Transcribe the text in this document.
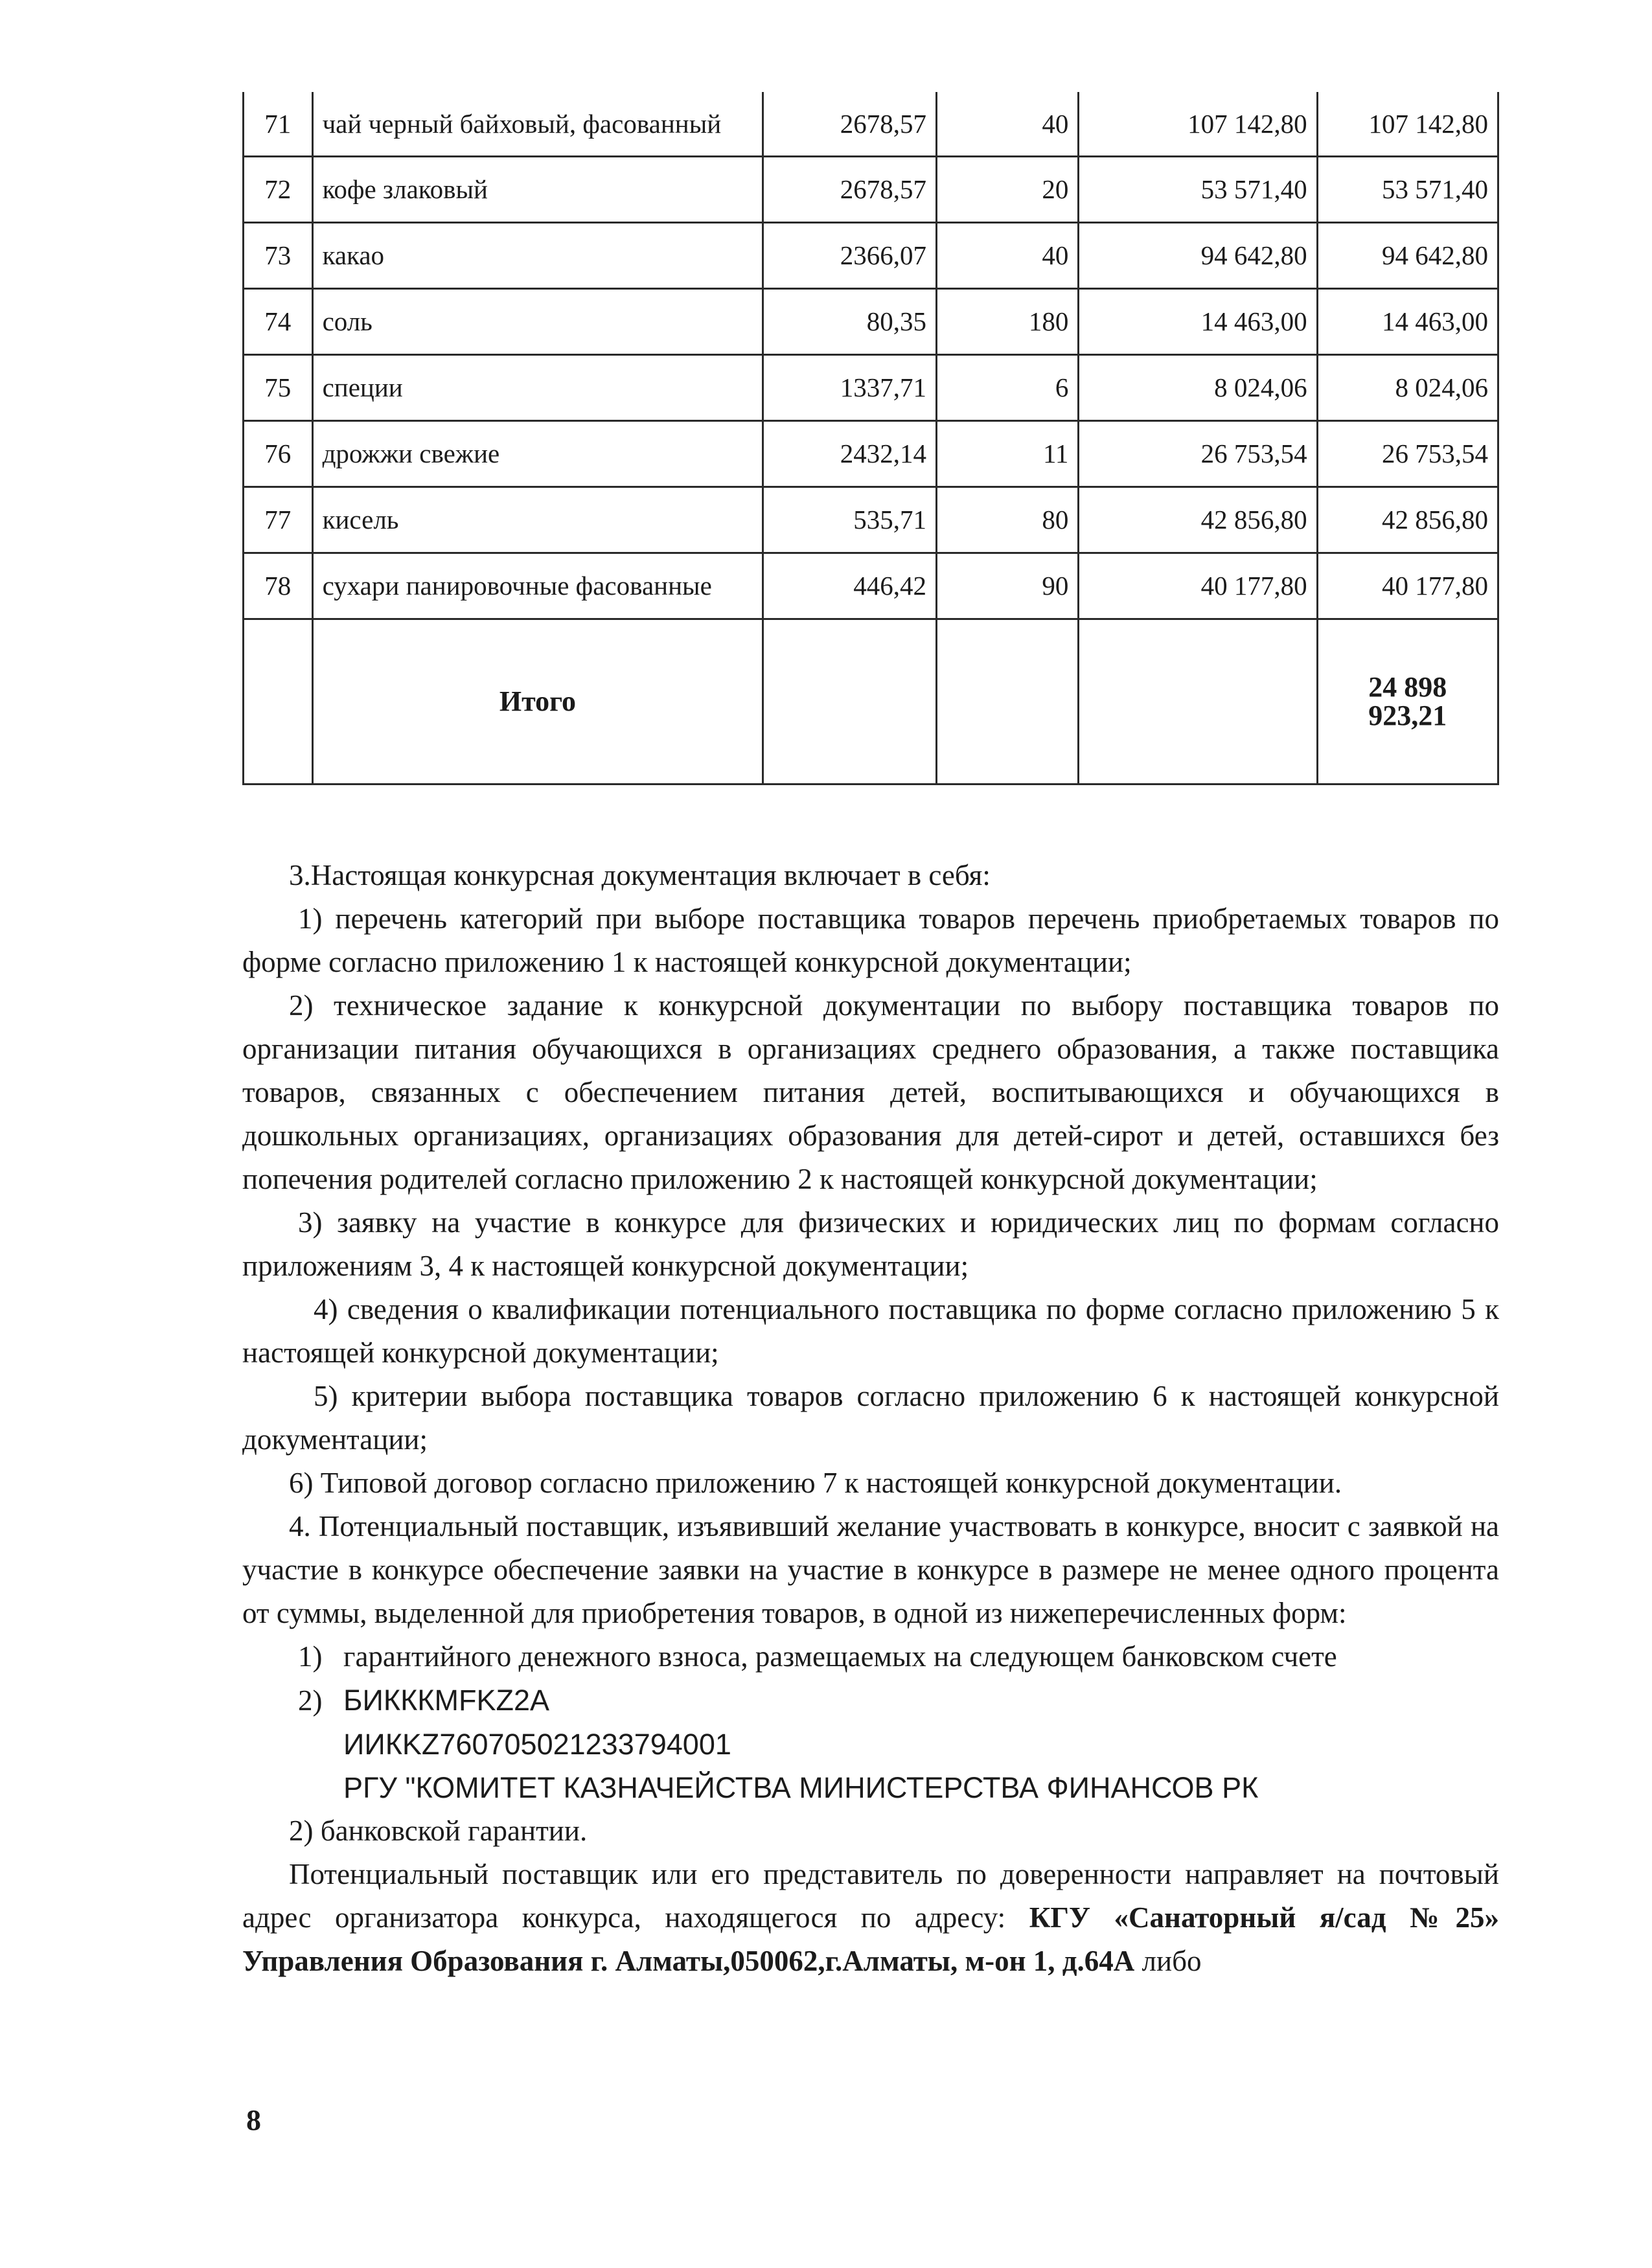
71	чай черный байховый, фасованный	2678,57	40	107 142,80	107 142,80
72	кофе злаковый	2678,57	20	53 571,40	53 571,40
73	какао	2366,07	40	94 642,80	94 642,80
74	соль	80,35	180	14 463,00	14 463,00
75	специи	1337,71	6	8 024,06	8 024,06
76	дрожжи свежие	2432,14	11	26 753,54	26 753,54
77	кисель	535,71	80	42 856,80	42 856,80
78	сухари панировочные фасованные	446,42	90	40 177,80	40 177,80
	Итого				24 898 923,21

3.Настоящая конкурсная документация включает в себя:

1) перечень категорий при выборе поставщика товаров перечень приобретаемых товаров по форме согласно приложению 1 к настоящей конкурсной документации;

2) техническое задание к конкурсной документации по выбору поставщика товаров по организации питания обучающихся в организациях среднего образования, а также поставщика товаров, связанных с обеспечением питания детей, воспитывающихся и обучающихся в дошкольных организациях, организациях образования для детей-сирот и детей, оставшихся без попечения родителей согласно приложению 2 к настоящей конкурсной документации;

3) заявку на участие в конкурсе для физических и юридических лиц по формам согласно приложениям 3, 4 к настоящей конкурсной документации;

4) сведения о квалификации потенциального поставщика по форме согласно приложению 5 к настоящей конкурсной документации;

5) критерии выбора поставщика товаров согласно приложению 6 к настоящей конкурсной документации;

6) Типовой договор согласно приложению 7 к настоящей конкурсной документации.

4. Потенциальный поставщик, изъявивший желание участвовать в конкурсе, вносит с заявкой на участие в конкурсе обеспечение заявки на участие в конкурсе в размере не менее одного процента от суммы, выделенной для приобретения товаров, в одной из нижеперечисленных форм:

1) гарантийного денежного взноса, размещаемых на следующем банковском счете

2) БИКККМFKZ2A
ИИКKZ760705021233794001
РГУ "КОМИТЕТ КАЗНАЧЕЙСТВА МИНИСТЕРСТВА ФИНАНСОВ РК

2) банковской гарантии.

Потенциальный поставщик или его представитель по доверенности направляет на почтовый адрес организатора конкурса, находящегося по адресу: КГУ «Санаторный я/сад №25» Управления Образования г. Алматы,050062,г.Алматы, м-он 1, д.64А либо

8
